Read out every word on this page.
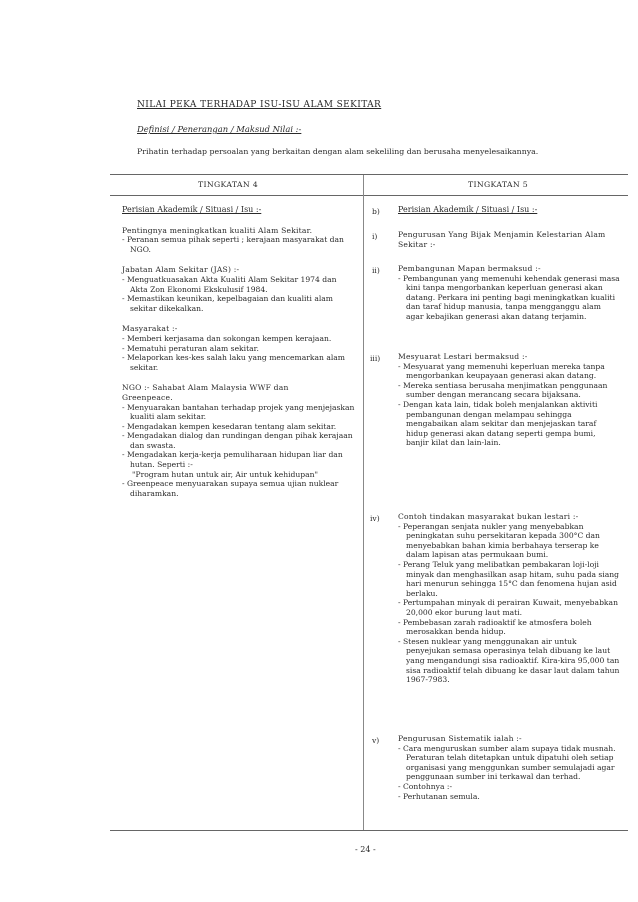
NILAI PEKA TERHADAP ISU-ISU ALAM SEKITAR
Definisi / Penerangan / Maksud Nilai :-
Prihatin terhadap persoalan yang berkaitan dengan alam sekeliling dan berusaha menyelesaikannya.
TINGKATAN 4	TINGKATAN 5

Perisian Akademik / Situasi / Isu :-

Pentingnya meningkatkan kualiti Alam Sekitar.

- Peranan semua pihak seperti ; kerajaan masyarakat dan NGO.

Jabatan Alam Sekitar (JAS) :-

- Menguatkuasakan Akta Kualiti Alam Sekitar 1974 dan Akta Zon Ekonomi Ekskulusif 1984.

- Memastikan keunikan, kepelbagaian dan kualiti alam sekitar dikekalkan.

Masyarakat :-

- Memberi kerjasama dan sokongan kempen kerajaan.

- Mematuhi peraturan alam sekitar.

- Melaporkan kes-kes salah laku yang mencemarkan alam sekitar.

NGO :- Sahabat Alam Malaysia WWF dan Greenpeace.

- Menyuarakan bantahan terhadap projek yang menjejaskan kualiti alam sekitar.

- Mengadakan kempen kesedaran tentang alam sekitar.

- Mengadakan dialog dan rundingan dengan pihak kerajaan dan swasta.

- Mengadakan kerja-kerja pemuliharaan hidupan liar dan hutan. Seperti :-

"Program hutan untuk air, Air untuk kehidupan"

- Greenpeace menyuarakan supaya semua ujian nuklear diharamkan.

b) Perisian Akademik / Situasi / Isu :-
i)	Pengurusan Yang Bijak Menjamin Kelestarian Alam Sekitar :-

ii) Pembangunan Mapan bermaksud :-

- Pembangunan yang memenuhi kehendak generasi masa kini tanpa mengorbankan keperluan generasi akan datang. Perkara ini penting bagi meningkatkan kualiti dan taraf hidup manusia, tanpa mengganggu alam agar kebajikan generasi akan datang terjamin.

iii) Mesyuarat Lestari bermaksud :-

- Mesyuarat yang memenuhi keperluan mereka tanpa mengorbankan keupayaan generasi akan datang.

- Mereka sentiasa berusaha menjimatkan penggunaan sumber dengan merancang secara bijaksana.

- Dengan kata lain, tidak boleh menjalankan aktiviti pembangunan dengan melampau sehingga mengabaikan alam sekitar dan menjejaskan taraf hidup generasi akan datang seperti gempa bumi, banjir kilat dan lain-lain.

iv) Contoh tindakan masyarakat bukan lestari :-

- Peperangan senjata nukler yang menyebabkan peningkatan suhu persekitaran kepada 300°C dan menyebabkan bahan kimia berbahaya terserap ke dalam lapisan atas permukaan bumi.

- Perang Teluk yang melibatkan pembakaran loji-loji minyak dan menghasilkan asap hitam, suhu pada siang hari menurun sehingga 15°C dan fenomena hujan asid berlaku.

- Pertumpahan minyak di perairan Kuwait, menyebabkan 20,000 ekor burung laut mati.

- Pembebasan zarah radioaktif ke atmosfera boleh merosakkan benda hidup.

- Stesen nuklear yang menggunakan air untuk penyejukan semasa operasinya telah dibuang ke laut yang mengandungi sisa radioaktif. Kira-kira 95,000 tan sisa radioaktif telah dibuang ke dasar laut dalam tahun 1967-7983.

v) Pengurusan Sistematik ialah :-

- Cara menguruskan sumber alam supaya tidak musnah. Peraturan telah ditetapkan untuk dipatuhi oleh setiap organisasi yang menggunkan sumber semulajadi agar penggunaan sumber ini terkawal dan terhad.

- Contohnya :-

- Perhutanan semula.

- 24 -
